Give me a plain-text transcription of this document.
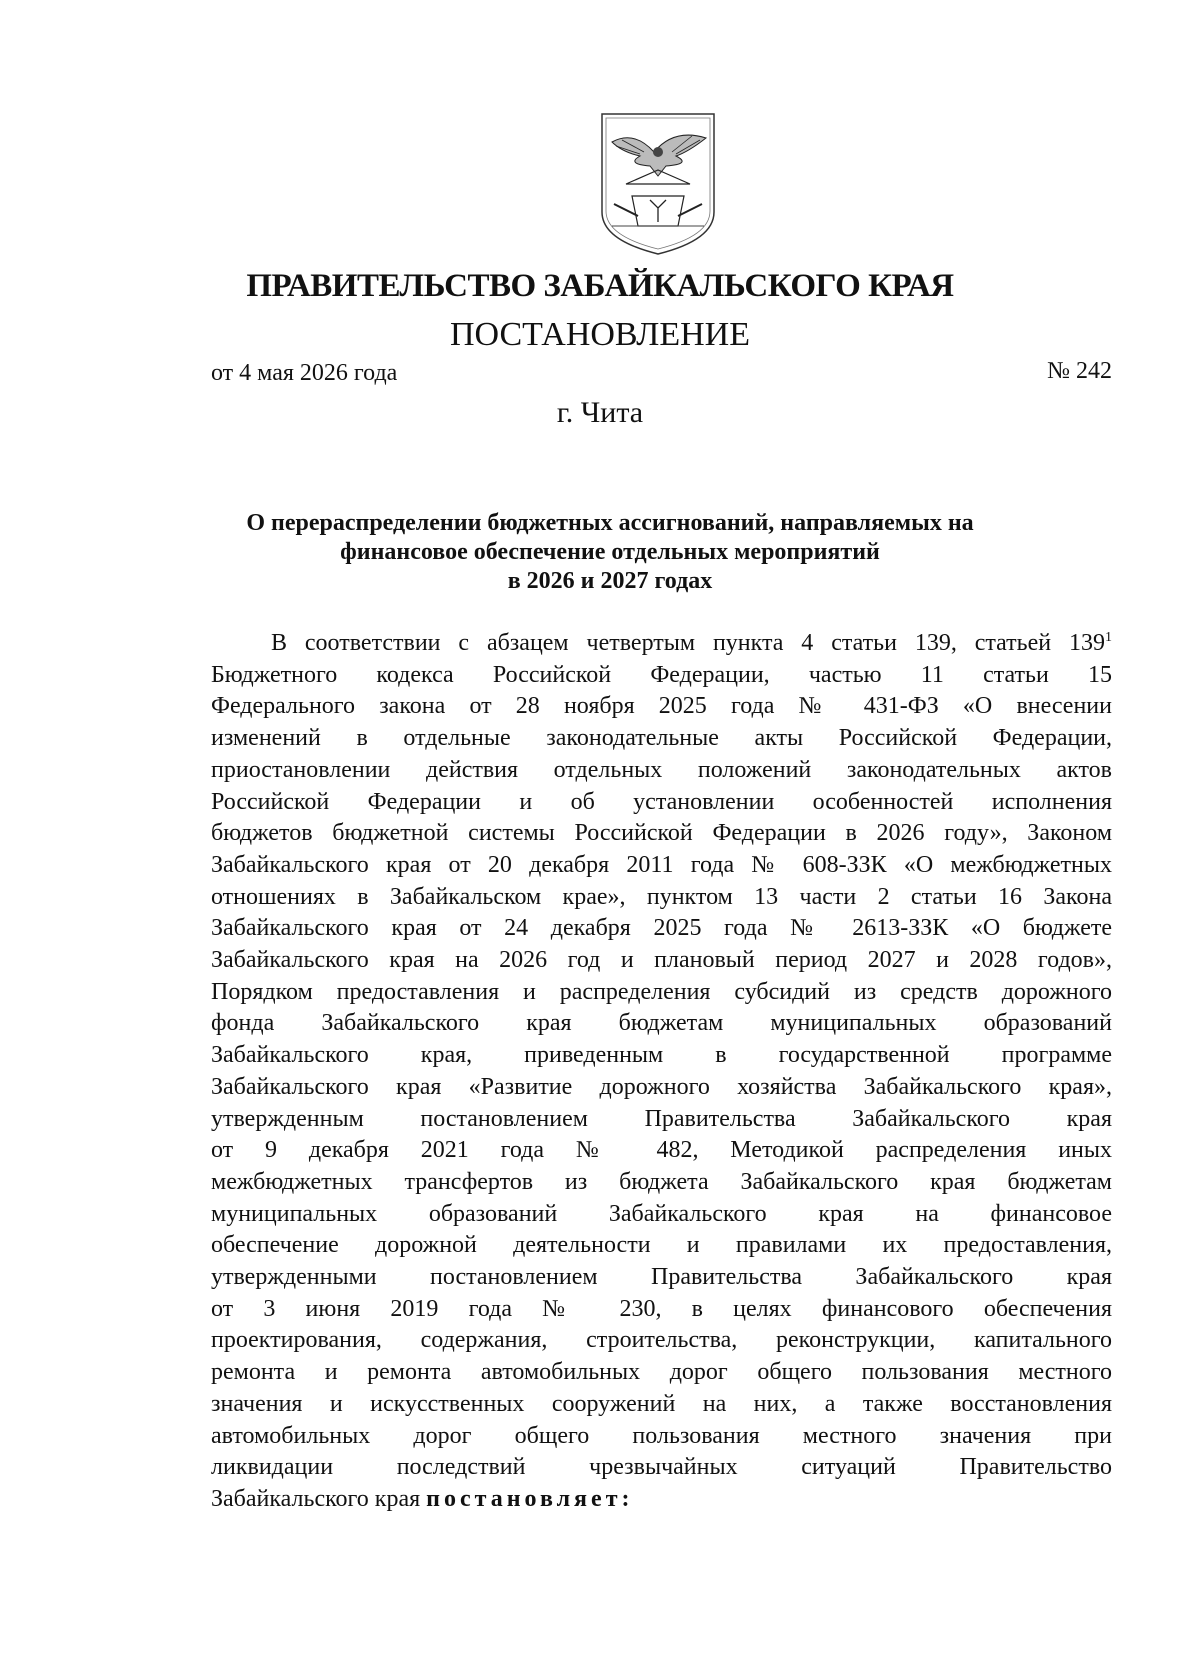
ПРАВИТЕЛЬСТВО ЗАБАЙКАЛЬСКОГО КРАЯ
ПОСТАНОВЛЕНИЕ
от 4 мая 2026 года	№ 242
г. Чита
О перераспределении бюджетных ассигнований, направляемых на
финансовое обеспечение отдельных мероприятий
в 2026 и 2027 годах
В соответствии с абзацем четвертым пункта 4 статьи 139, статьей $139^1$
Бюджетного кодекса Российской Федерации, частью 11 статьи 15
Федерального закона от 28 ноября 2025 года № 431-ФЗ «О внесении
изменений в отдельные законодательные акты Российской Федерации,
приостановлении действия отдельных положений законодательных актов
Российской Федерации и об установлении особенностей исполнения
бюджетов бюджетной системы Российской Федерации в 2026 году», Законом
Забайкальского края от 20 декабря 2011 года № 608-ЗЗК «О межбюджетных
отношениях в Забайкальском крае», пунктом 13 части 2 статьи 16 Закона
Забайкальского края от 24 декабря 2025 года № 2613-ЗЗК «О бюджете
Забайкальского края на 2026 год и плановый период 2027 и 2028 годов»,
Порядком предоставления и распределения субсидий из средств дорожного
фонда Забайкальского края бюджетам муниципальных образований
Забайкальского края, приведенным в государственной программе
Забайкальского края «Развитие дорожного хозяйства Забайкальского края»,
утвержденным постановлением Правительства Забайкальского края
от 9 декабря 2021 года № 482, Методикой распределения иных
межбюджетных трансфертов из бюджета Забайкальского края бюджетам
муниципальных образований Забайкальского края на финансовое
обеспечение дорожной деятельности и правилами их предоставления,
утвержденными постановлением Правительства Забайкальского края
от 3 июня 2019 года № 230, в целях финансового обеспечения
проектирования, содержания, строительства, реконструкции, капитального
ремонта и ремонта автомобильных дорог общего пользования местного
значения и искусственных сооружений на них, а также восстановления
автомобильных дорог общего пользования местного значения при
ликвидации последствий чрезвычайных ситуаций Правительство
Забайкальского края постановляет:
